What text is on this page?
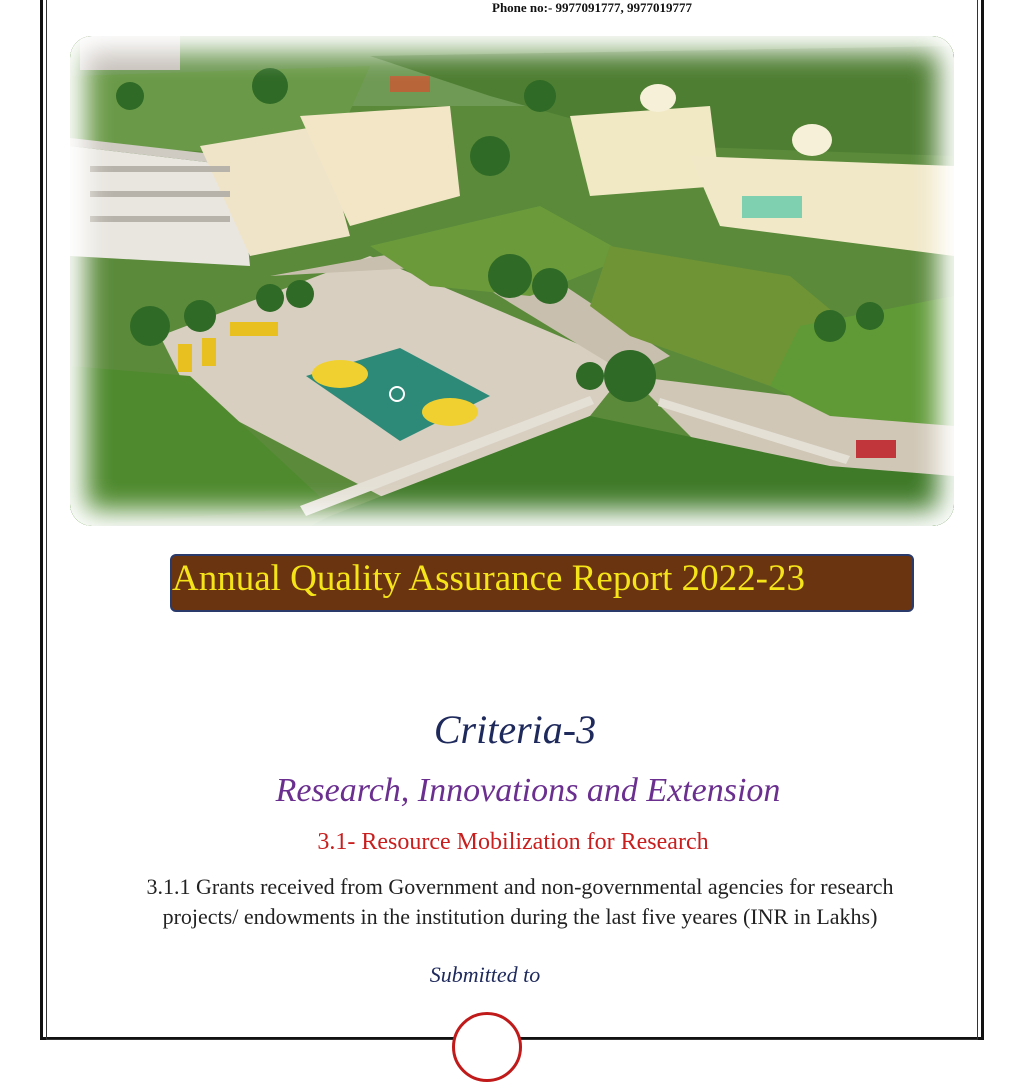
Phone no:- 9977091777, 9977019777
Annual Quality Assurance Report 2022-23
Criteria-3
Research, Innovations and Extension
3.1- Resource Mobilization for Research
3.1.1 Grants received from Government and non-governmental agencies for research
projects/ endowments in the institution during the last five yeares (INR in Lakhs)
Submitted to
